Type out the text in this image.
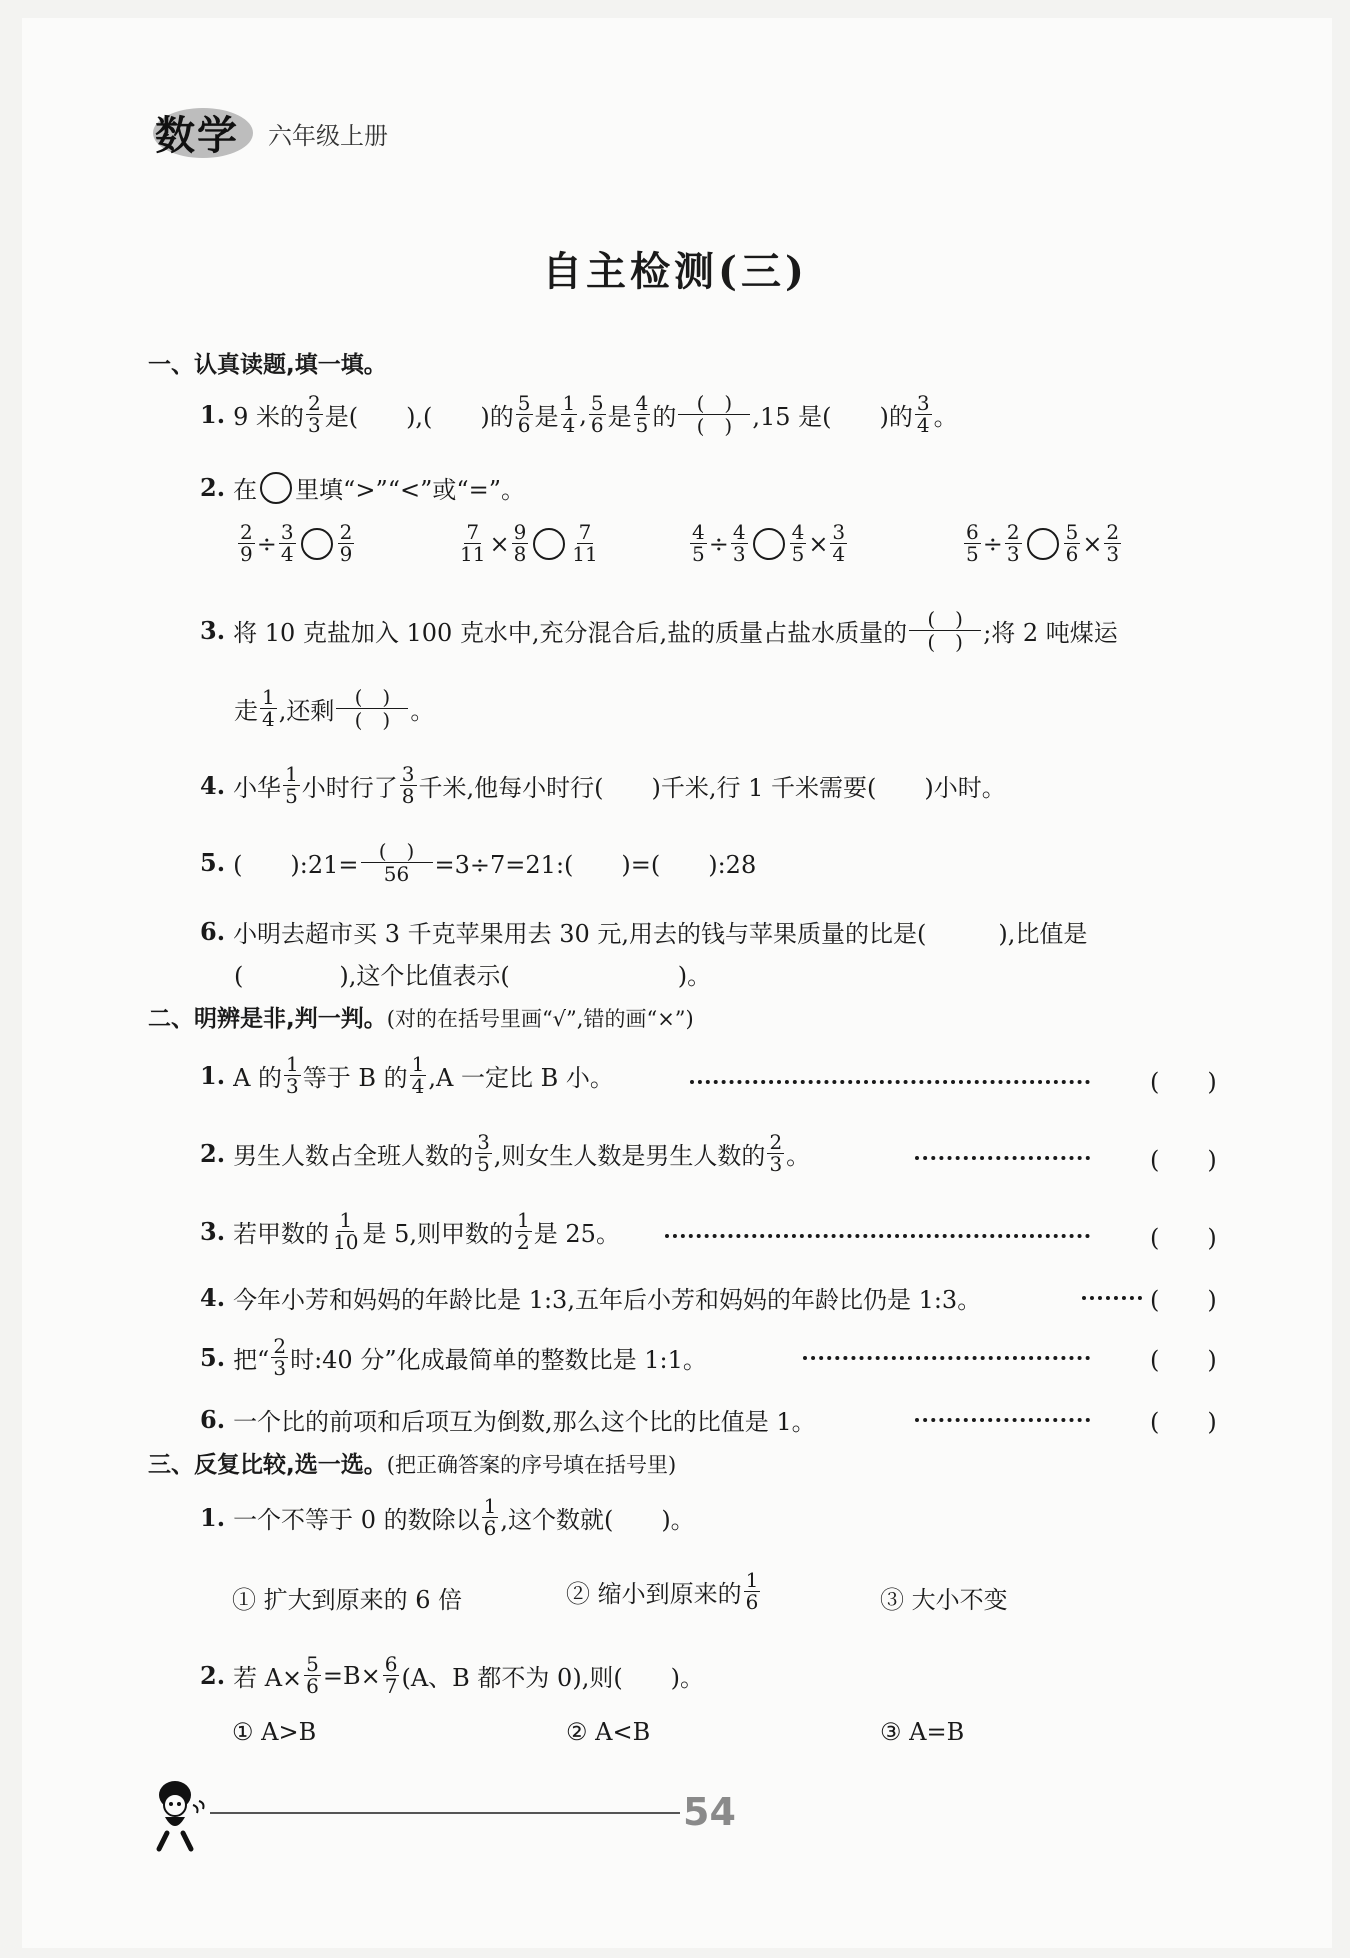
数学 六年级上册
自主检测(三)
一、认真读题,填一填。
1. 9 米的 $\frac{2}{3}$ 是(　　),(　　)的 $\frac{5}{6}$ 是 $\frac{1}{4}$ , $\frac{5}{6}$ 是 $\frac{4}{5}$ 的	(　)
(　) ,15 是(　　)的 $\frac{3}{4}$ 。
2. 在 里填“>”“<”或“=”。
$\frac{2}{9} \div \frac{3}{4} \frac{2}{9}$	$\frac{7}{11} \times \frac{9}{8} \frac{7}{11}$	$\frac{4}{5} \div \frac{4}{3} \frac{4}{5} \times \frac{3}{4}$	$\frac{6}{5} \div \frac{2}{3} \frac{5}{6} \times \frac{2}{3}$
3. 将 10 克盐加入 100 克水中,充分混合后,盐的质量占盐水质量的	(　)
(　) ;将 2 吨煤运
走 $\frac{1}{4}$ ,还剩	(　)
(　) 。
4. 小华 $\frac{1}{5}$ 小时行了 $\frac{3}{8}$ 千米,他每小时行(　　)千米,行 1 千米需要(　　)小时。
5. (　　):21=	(　)
56	=3÷7=21:(　　)=(　　):28
6. 小明去超市买 3 千克苹果用去 30 元,用去的钱与苹果质量的比是(　　　),比值是
(　　　　),这个比值表示(　　　　　　　)。
二、明辨是非,判一判。(对的在括号里画“√”,错的画“×”)
1. A 的 $\frac{1}{3}$ 等于 B 的 $\frac{1}{4} ,A$ 一定比 B 小。	(　　)
2. 男生人数占全班人数的 $\frac{3}{5}$ ,则女生人数是男生人数的 $\frac{2}{3}$ 。	(　　)
3. 若甲数的 $\frac{1}{10}$ 是 5,则甲数的 $\frac{1}{2}$ 是 25。	(　　)
4. 今年小芳和妈妈的年龄比是 1:3,五年后小芳和妈妈的年龄比仍是 1:3。	(　　)
5. 把“ $\frac{2}{3}$ 时:40 分”化成最简单的整数比是 1:1。	(　　)
6. 一个比的前项和后项互为倒数,那么这个比的比值是 1。	(　　)
三、反复比较,选一选。(把正确答案的序号填在括号里)
1. 一个不等于 0 的数除以 $\frac{1}{6}$ ,这个数就(　　)。
① 扩大到原来的 6 倍	② 缩小到原来的 $\frac{1}{6}$	③ 大小不变
2. 若 $A\times \frac{5}{6} =B\times \frac{6}{7} (A$、B 都不为 0),则(　　)。
① A>B	② A<B	③ A=B
54
